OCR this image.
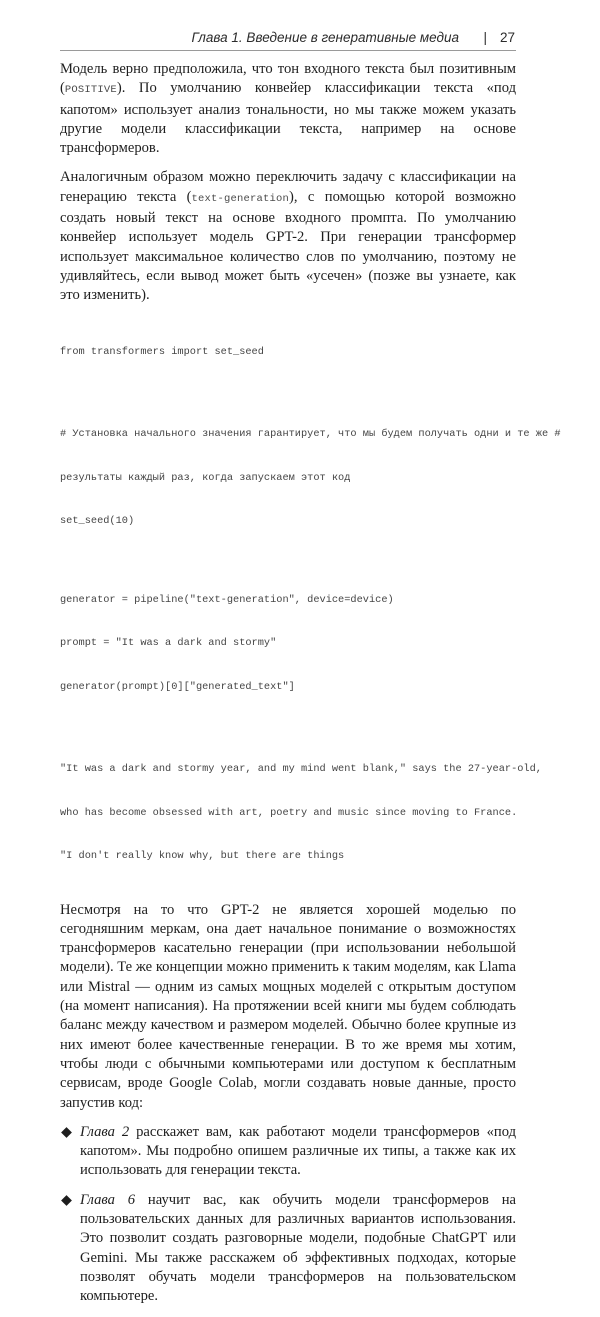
Глава 1. Введение в генеративные медиа | 27

Модель верно предположила, что тон входного текста был позитивным (POSITIVE). По умолчанию конвейер классификации текста «под капотом» использует анализ тональности, но мы также можем указать другие модели классификации текста, например на основе трансформеров.

Аналогичным образом можно переключить задачу с классификации на генерацию текста (text-generation), с помощью которой возможно создать новый текст на основе входного промпта. По умолчанию конвейер использует модель GPT-2. При генерации трансформер использует максимальное количество слов по умолчанию, поэтому не удивляйтесь, если вывод может быть «усечен» (позже вы узнаете, как это изменить).

from transformers import set_seed

# Установка начального значения гарантирует, что мы будем получать одни и те же #

результаты каждый раз, когда запускаем этот код

set_seed(10)

generator = pipeline("text-generation", device=device)

prompt = "It was a dark and stormy"

generator(prompt)[0]["generated_text"]

"It was a dark and stormy year, and my mind went blank," says the 27-year-old,

who has become obsessed with art, poetry and music since moving to France.

"I don't really know why, but there are things

Несмотря на то что GPT-2 не является хорошей моделью по сегодняшним меркам, она дает начальное понимание о возможностях трансформеров касательно генерации (при использовании небольшой модели). Те же концепции можно применить к таким моделям, как Llama или Mistral — одним из самых мощных моделей с открытым доступом (на момент написания). На протяжении всей книги мы будем соблюдать баланс между качеством и размером моделей. Обычно более крупные из них имеют более качественные генерации. В то же время мы хотим, чтобы люди с обычными компьютерами или доступом к бесплатным сервисам, вроде Google Colab, могли создавать новые данные, просто запустив код:

Глава 2 расскажет вам, как работают модели трансформеров «под капотом». Мы подробно опишем различные их типы, а также как их использовать для генерации текста.
Глава 6 научит вас, как обучить модели трансформеров на пользовательских данных для различных вариантов использования. Это позволит создать разговорные модели, подобные ChatGPT или Gemini. Мы также расскажем об эффективных подходах, которые позволят обучать модели трансформеров на пользовательском компьютере.
